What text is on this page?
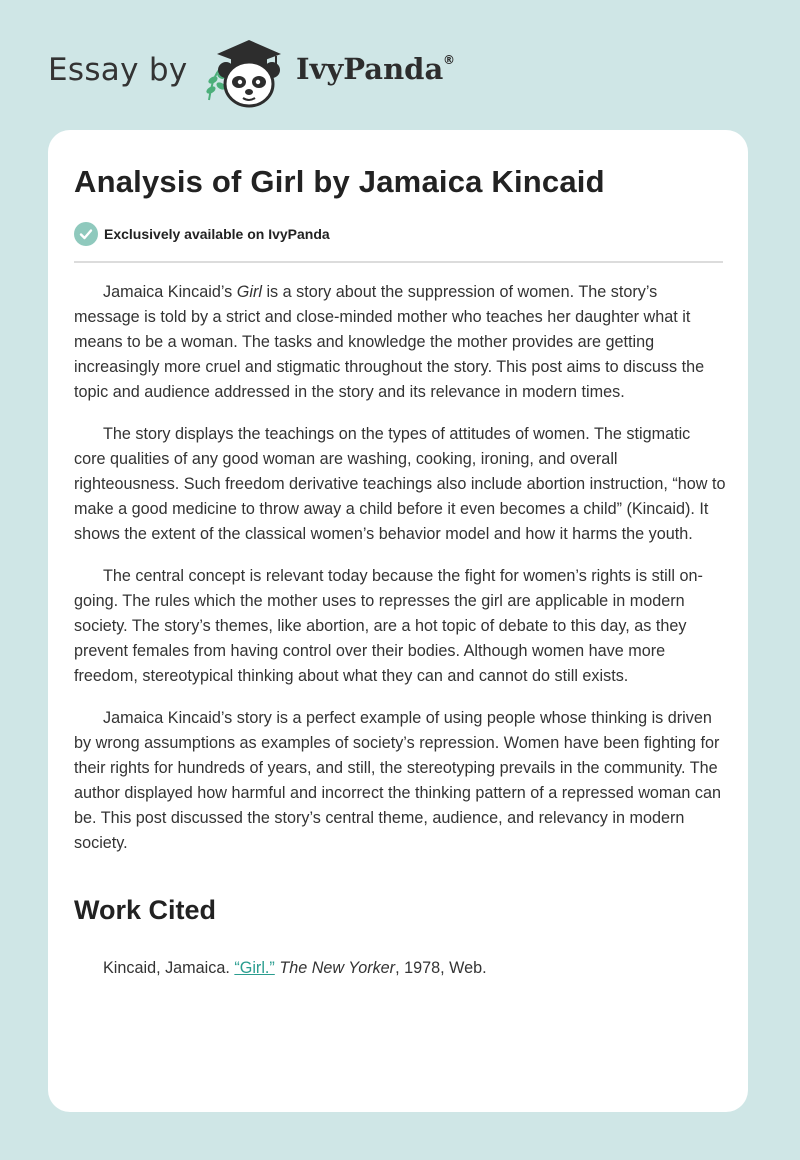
Essay by	IvyPanda ®
Analysis of Girl by Jamaica Kincaid
Exclusively available on IvyPanda

Jamaica Kincaid’s Girl is a story about the suppression of women. The story’s message is told by a strict and close-minded mother who teaches her daughter what it means to be a woman. The tasks and knowledge the mother provides are getting increasingly more cruel and stigmatic throughout the story. This post aims to discuss the topic and audience addressed in the story and its relevance in modern times.

The story displays the teachings on the types of attitudes of women. The stigmatic core qualities of any good woman are washing, cooking, ironing, and overall righteousness. Such freedom derivative teachings also include abortion instruction, “how to make a good medicine to throw away a child before it even becomes a child” (Kincaid). It shows the extent of the classical women’s behavior model and how it harms the youth.

The central concept is relevant today because the fight for women’s rights is still on-going. The rules which the mother uses to represses the girl are applicable in modern society. The story’s themes, like abortion, are a hot topic of debate to this day, as they prevent females from having control over their bodies. Although women have more freedom, stereotypical thinking about what they can and cannot do still exists.

Jamaica Kincaid’s story is a perfect example of using people whose thinking is driven by wrong assumptions as examples of society’s repression. Women have been fighting for their rights for hundreds of years, and still, the stereotyping prevails in the community. The author displayed how harmful and incorrect the thinking pattern of a repressed woman can be. This post discussed the story’s central theme, audience, and relevancy in modern society.

Work Cited
Kincaid, Jamaica. “Girl.” The New Yorker, 1978, Web.
